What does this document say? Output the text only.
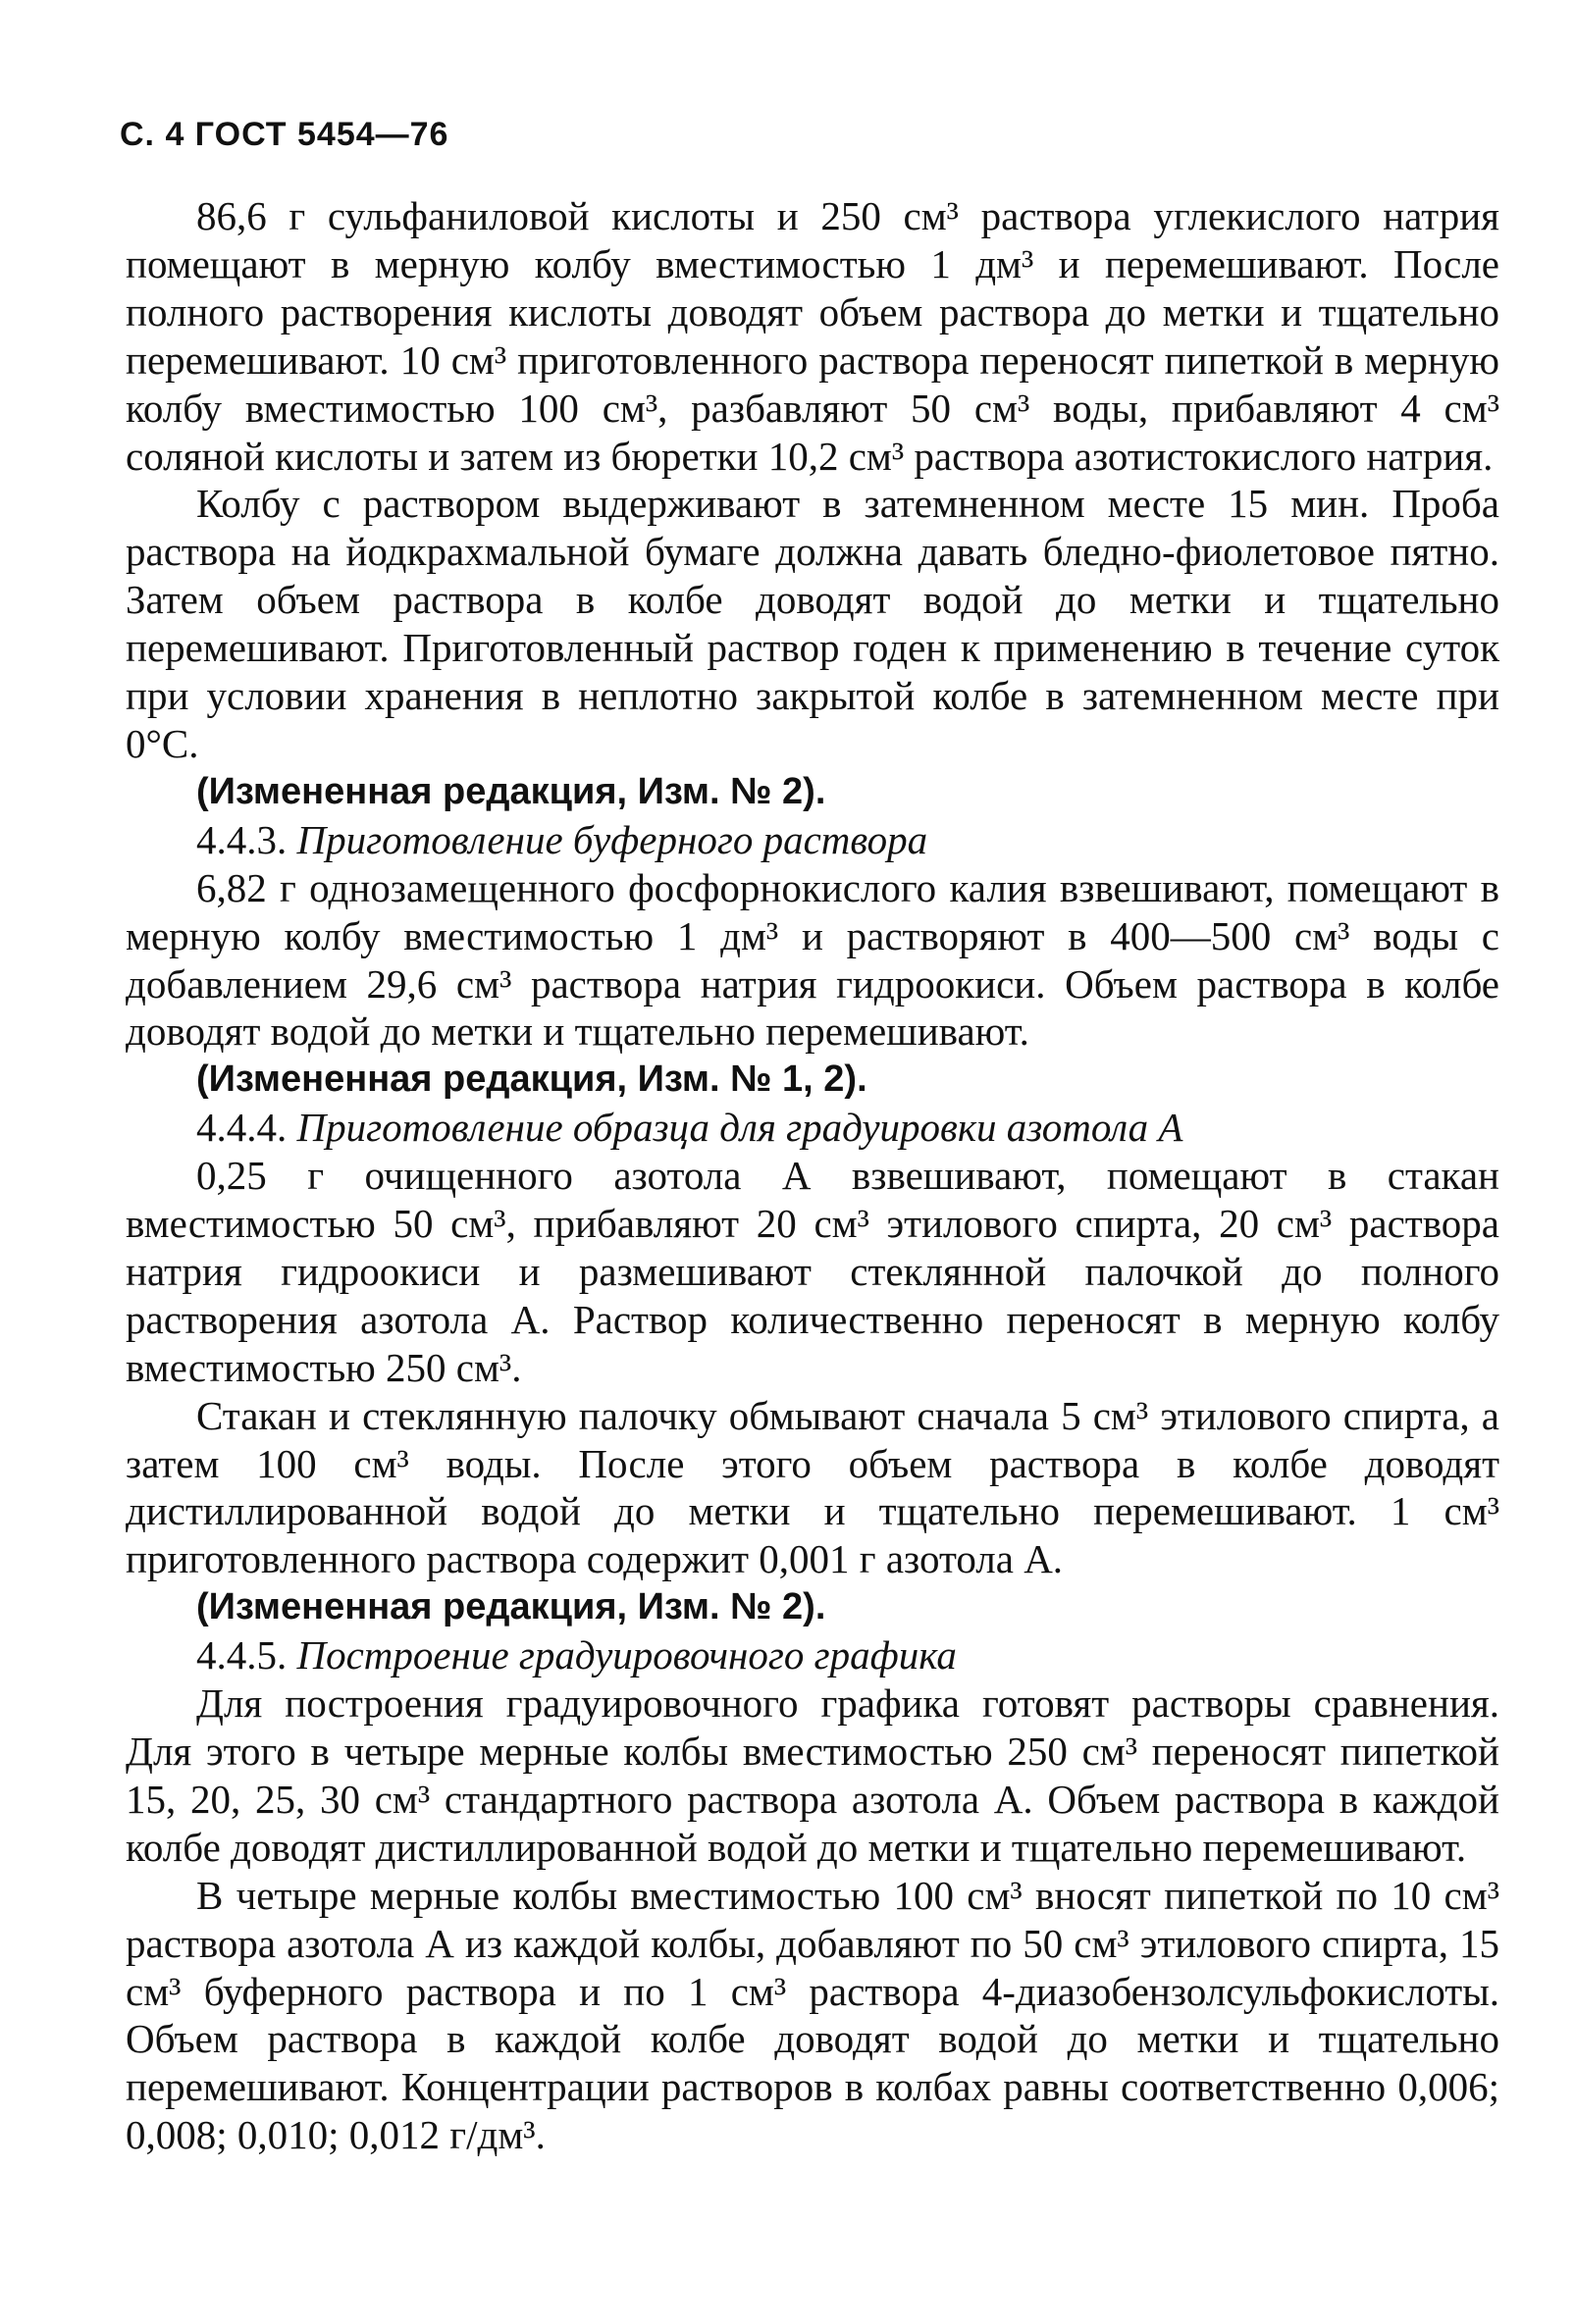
С. 4 ГОСТ 5454—76

86,6 г сульфаниловой кислоты и 250 см³ раствора углекислого натрия помещают в мерную колбу вместимостью 1 дм³ и перемешивают. После полного растворения кислоты доводят объем раствора до метки и тщательно перемешивают. 10 см³ приготовленного раствора переносят пипеткой в мерную колбу вместимостью 100 см³, разбавляют 50 см³ воды, прибавляют 4 см³ соляной кислоты и затем из бюретки 10,2 см³ раствора азотистокислого натрия.

Колбу с раствором выдерживают в затемненном месте 15 мин. Проба раствора на йодкрахмальной бумаге должна давать бледно-фиолетовое пятно. Затем объем раствора в колбе доводят водой до метки и тщательно перемешивают. Приготовленный раствор годен к применению в течение суток при условии хранения в неплотно закрытой колбе в затемненном месте при 0°С.

(Измененная редакция, Изм. № 2).

4.4.3. Приготовление буферного раствора

6,82 г однозамещенного фосфорнокислого калия взвешивают, помещают в мерную колбу вместимостью 1 дм³ и растворяют в 400—500 см³ воды с добавлением 29,6 см³ раствора натрия гидроокиси. Объем раствора в колбе доводят водой до метки и тщательно перемешивают.

(Измененная редакция, Изм. № 1, 2).

4.4.4. Приготовление образца для градуировки азотола А

0,25 г очищенного азотола А взвешивают, помещают в стакан вместимостью 50 см³, прибавляют 20 см³ этилового спирта, 20 см³ раствора натрия гидроокиси и размешивают стеклянной палочкой до полного растворения азотола А. Раствор количественно переносят в мерную колбу вместимостью 250 см³.

Стакан и стеклянную палочку обмывают сначала 5 см³ этилового спирта, а затем 100 см³ воды. После этого объем раствора в колбе доводят дистиллированной водой до метки и тщательно перемешивают. 1 см³ приготовленного раствора содержит 0,001 г азотола А.

(Измененная редакция, Изм. № 2).

4.4.5. Построение градуировочного графика

Для построения градуировочного графика готовят растворы сравнения. Для этого в четыре мерные колбы вместимостью 250 см³ переносят пипеткой 15, 20, 25, 30 см³ стандартного раствора азотола А. Объем раствора в каждой колбе доводят дистиллированной водой до метки и тщательно перемешивают.

В четыре мерные колбы вместимостью 100 см³ вносят пипеткой по 10 см³ раствора азотола А из каждой колбы, добавляют по 50 см³ этилового спирта, 15 см³ буферного раствора и по 1 см³ раствора 4-диазобензолсульфокислоты. Объем раствора в каждой колбе доводят водой до метки и тщательно перемешивают. Концентрации растворов в колбах равны соответственно 0,006; 0,008; 0,010; 0,012 г/дм³.
